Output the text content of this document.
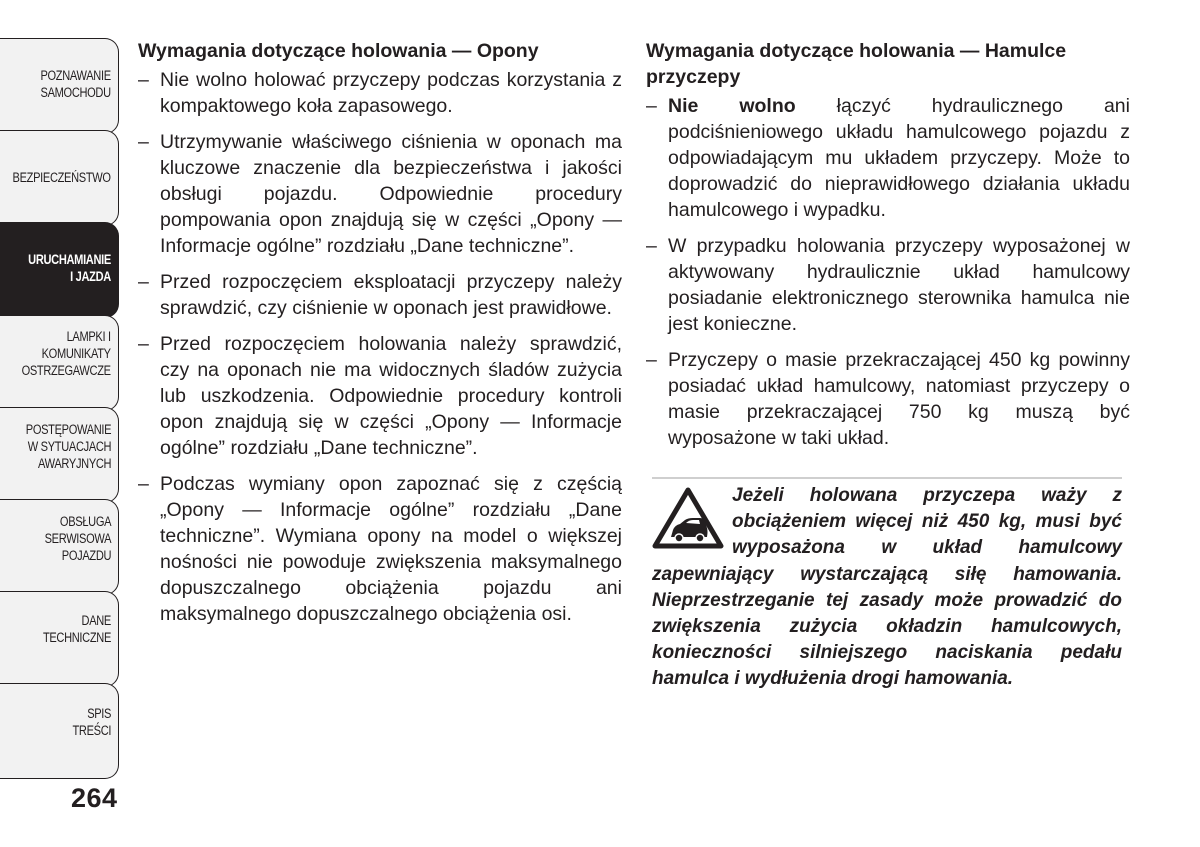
POZNAWANIE
SAMOCHODU
BEZPIECZEŃSTWO
URUCHAMIANIE
I JAZDA
LAMPKI I
KOMUNIKATY
OSTRZEGAWCZE
POSTĘPOWANIE
W SYTUACJACH
AWARYJNYCH
OBSŁUGA
SERWISOWA
POJAZDU
DANE
TECHNICZNE
SPIS
TREŚCI
264
Wymagania dotyczące holowania — Opony
– Nie wolno holować przyczepy podczas korzystania z kompaktowego koła zapasowego.
– Utrzymywanie właściwego ciśnienia w oponach ma kluczowe znaczenie dla bezpieczeństwa i jakości obsługi pojazdu. Odpowiednie procedury pompowania opon znajdują się w części „Opony — Informacje ogólne” rozdziału „Dane techniczne”.
– Przed rozpoczęciem eksploatacji przyczepy należy sprawdzić, czy ciśnienie w oponach jest prawidłowe.
– Przed rozpoczęciem holowania należy sprawdzić, czy na oponach nie ma widocznych śladów zużycia lub uszkodzenia. Odpowiednie procedury kontroli opon znajdują się w części „Opony — Informacje ogólne” rozdziału „Dane techniczne”.
– Podczas wymiany opon zapoznać się z częścią „Opony — Informacje ogólne” rozdziału „Dane techniczne”. Wymiana opony na model o większej nośności nie powoduje zwiększenia maksymalnego dopuszczalnego obciążenia pojazdu ani maksymalnego dopuszczalnego obciążenia osi.
Wymagania dotyczące holowania — Hamulce przyczepy
– Nie wolno łączyć hydraulicznego ani podciśnieniowego układu hamulcowego pojazdu z odpowiadającym mu układem przyczepy. Może to doprowadzić do nieprawidłowego działania układu hamulcowego i wypadku.
– W przypadku holowania przyczepy wyposażonej w aktywowany hydraulicznie układ hamulcowy posiadanie elektronicznego sterownika hamulca nie jest konieczne.
– Przyczepy o masie przekraczającej 450 kg powinny posiadać układ hamulcowy, natomiast przyczepy o masie przekraczającej 750 kg muszą być wyposażone w taki układ.
Jeżeli holowana przyczepa waży z obciążeniem więcej niż 450 kg, musi być wyposażona w układ hamulcowy zapewniający wystarczającą siłę hamowania. Nieprzestrzeganie tej zasady może prowadzić do zwiększenia zużycia okładzin hamulcowych, konieczności silniejszego naciskania pedału hamulca i wydłużenia drogi hamowania.
